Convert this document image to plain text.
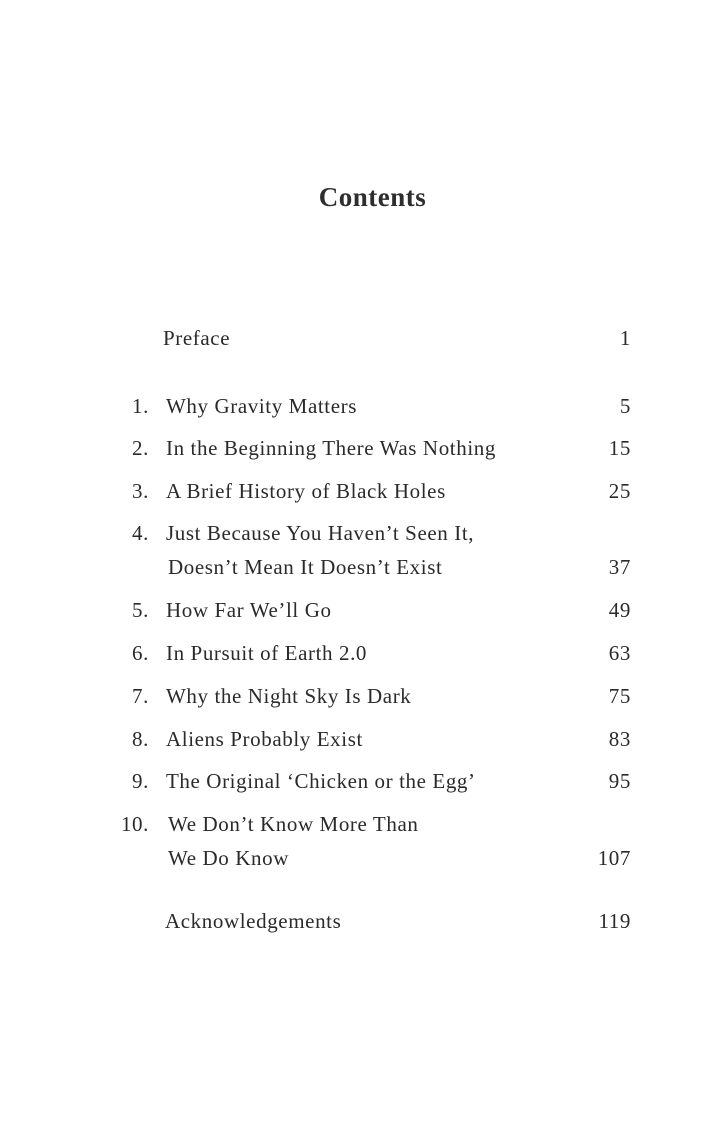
Contents
Preface	1
1. Why Gravity Matters	5
2. In the Beginning There Was Nothing	15
3. A Brief History of Black Holes	25
4. Just Because You Haven’t Seen It,
Doesn’t Mean It Doesn’t Exist	37
5. How Far We’ll Go	49
6. In Pursuit of Earth 2.0	63
7. Why the Night Sky Is Dark	75
8. Aliens Probably Exist	83
9. The Original ‘Chicken or the Egg’	95
10. We Don’t Know More Than
We Do Know	107
Acknowledgements	119
